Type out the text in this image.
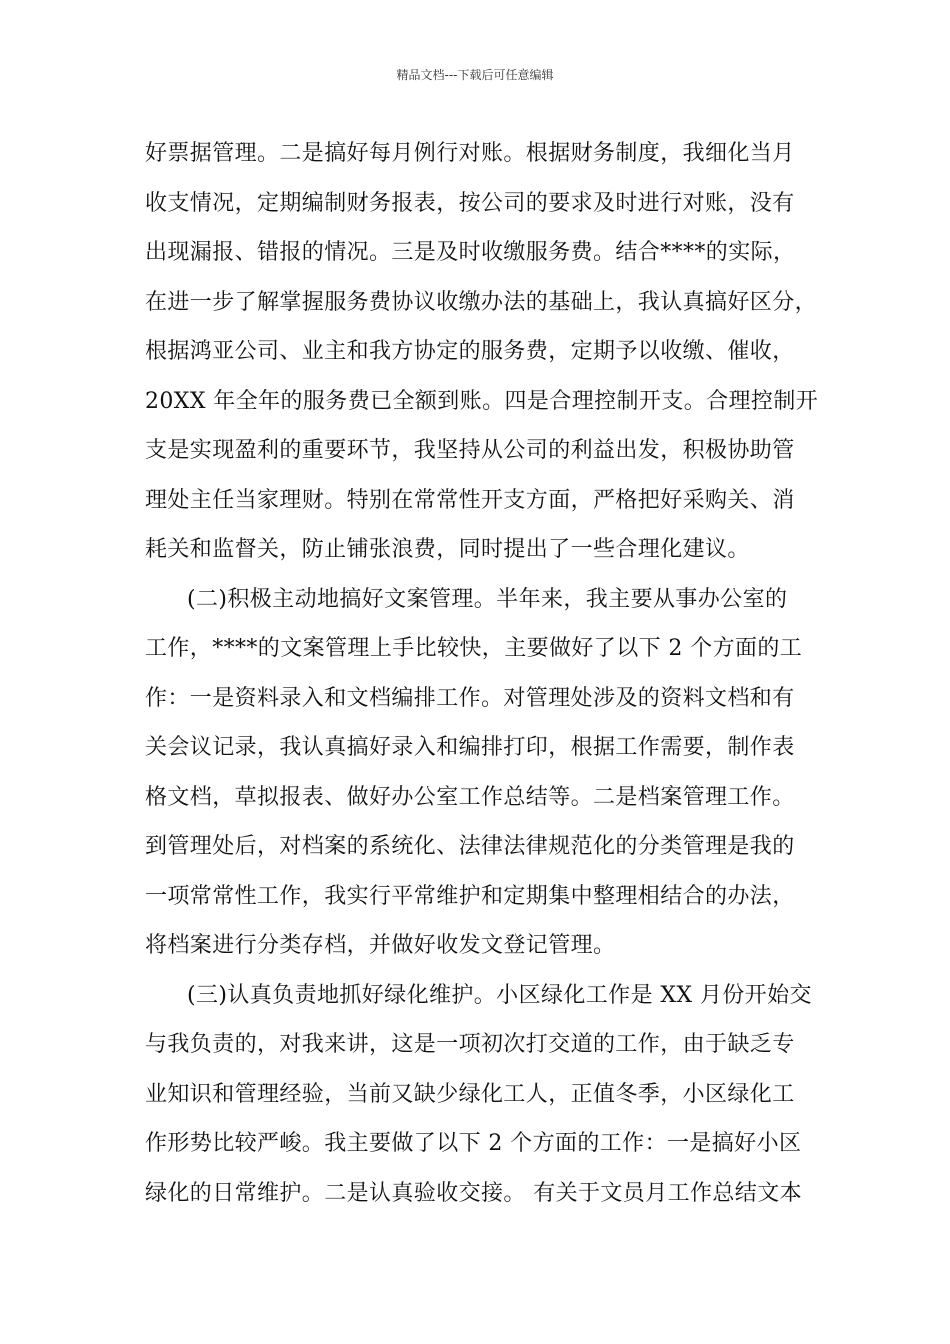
精品文档---下载后可任意编辑
好票据管理。二是搞好每月例行对账。根据财务制度，我细化当月
收支情况，定期编制财务报表，按公司的要求及时进行对账，没有
出现漏报、错报的情况。三是及时收缴服务费。结合****的实际，
在进一步了解掌握服务费协议收缴办法的基础上，我认真搞好区分，
根据鸿亚公司、业主和我方协定的服务费，定期予以收缴、催收，
20XX 年全年的服务费已全额到账。四是合理控制开支。合理控制开
支是实现盈利的重要环节，我坚持从公司的利益出发，积极协助管
理处主任当家理财。特别在常常性开支方面，严格把好采购关、消
耗关和监督关，防止铺张浪费，同时提出了一些合理化建议。
(二)积极主动地搞好文案管理。半年来，我主要从事办公室的
工作，****的文案管理上手比较快，主要做好了以下 2 个方面的工
作：一是资料录入和文档编排工作。对管理处涉及的资料文档和有
关会议记录，我认真搞好录入和编排打印，根据工作需要，制作表
格文档，草拟报表、做好办公室工作总结等。二是档案管理工作。
到管理处后，对档案的系统化、法律法律规范化的分类管理是我的
一项常常性工作，我实行平常维护和定期集中整理相结合的办法，
将档案进行分类存档，并做好收发文登记管理。
(三)认真负责地抓好绿化维护。小区绿化工作是 XX 月份开始交
与我负责的，对我来讲，这是一项初次打交道的工作，由于缺乏专
业知识和管理经验，当前又缺少绿化工人，正值冬季，小区绿化工
作形势比较严峻。我主要做了以下 2 个方面的工作：一是搞好小区
绿化的日常维护。二是认真验收交接。 有关于文员月工作总结文本
